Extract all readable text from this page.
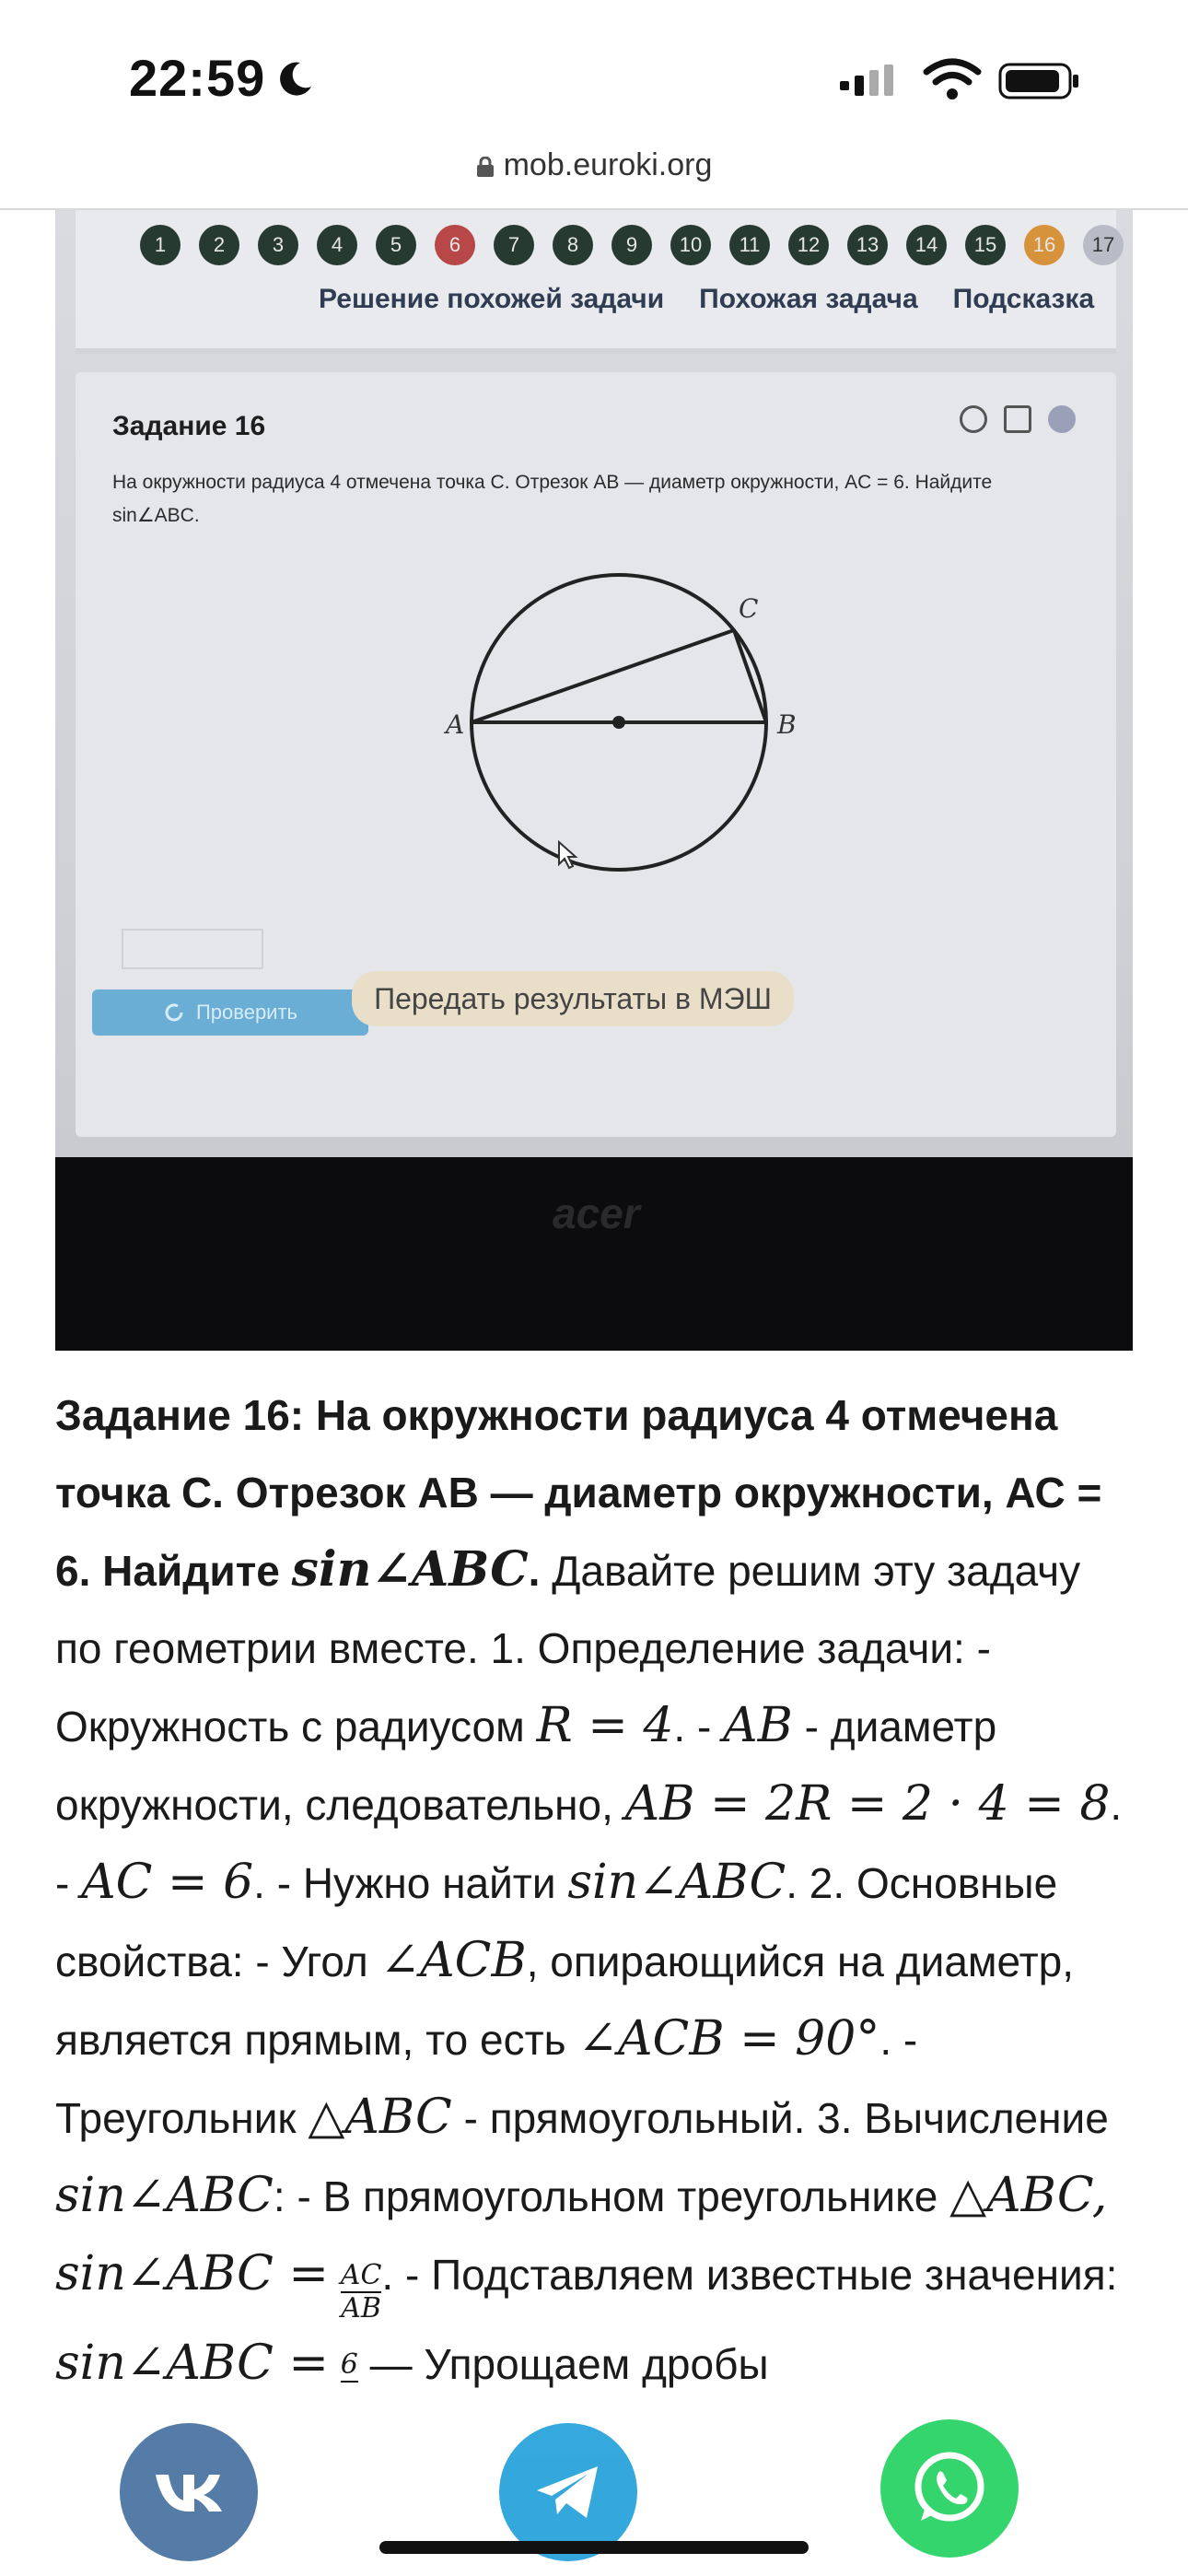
22:59
mob.euroki.org
1	2	3	4	5	6	7	8	9	10	11	12	13	14	15	16	17
Решение похожей задачи Похожая задача Подсказка
Задание 16
На окружности радиуса 4 отмечена точка C. Отрезок AB — диаметр окружности, AC = 6. Найдите sin∠ABC.
A	B
C
Проверить	Передать результаты в МЭШ
acer
Задание 16: На окружности радиуса 4 отмечена точка С. Отрезок АВ — диаметр окружности, АС = 6. Найдите sin∠ABC. Давайте решим эту задачу по геометрии вместе. 1. Определение задачи: - Окружность с радиусом R = 4. - AB - диаметр окружности, следовательно, AB = 2R = 2 · 4 = 8. - AC = 6. - Нужно найти sin∠ABC. 2. Основные свойства: - Угол ∠ACB, опирающийся на диаметр, является прямым, то есть ∠ACB = 90°. - Треугольник △ABC - прямоугольный. 3. Вычисление sin∠ABC: - В прямоугольном треугольнике △ABC, sin∠ABC = $\frac{AC}{AB}$ . - Подставляем известные значения: sin∠ABC = 6
— Упрощаем дробы
